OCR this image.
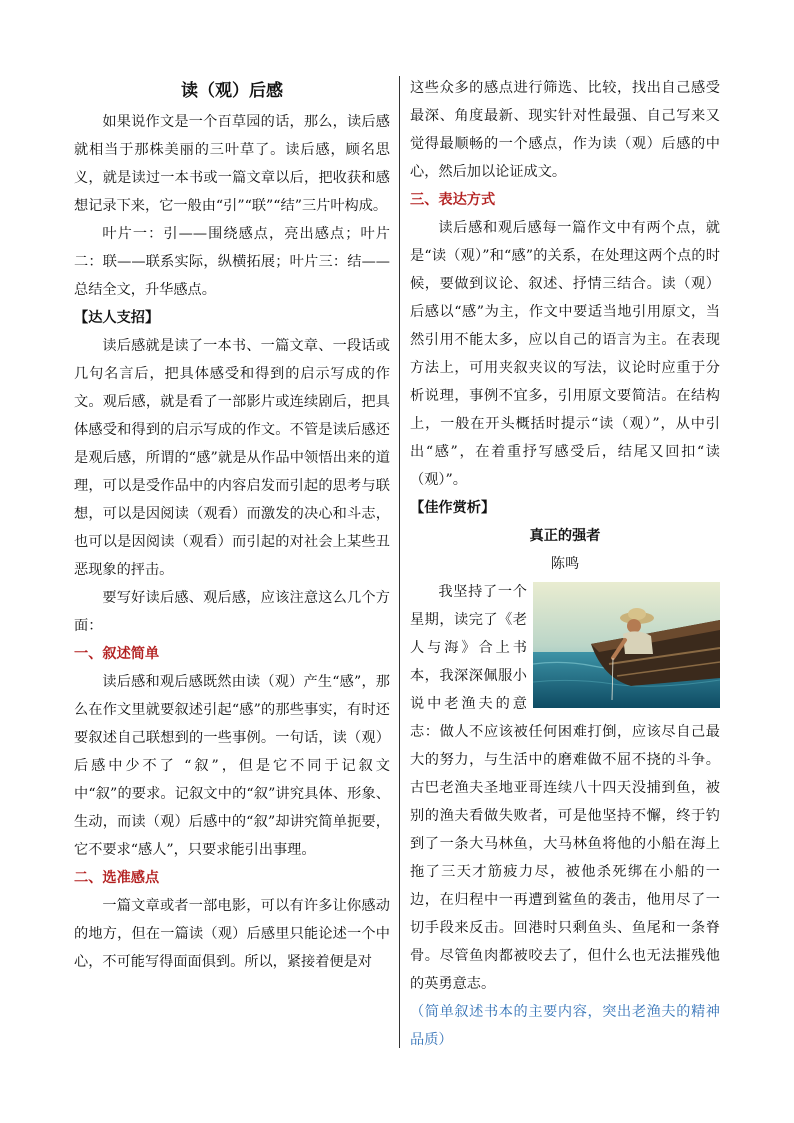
读（观）后感

如果说作文是一个百草园的话，那么，读后感就相当于那株美丽的三叶草了。读后感，顾名思义，就是读过一本书或一篇文章以后，把收获和感想记录下来，它一般由“引”“联”“结”三片叶构成。

叶片一：引——围绕感点，亮出感点；叶片二：联——联系实际，纵横拓展；叶片三：结——总结全文，升华感点。

【达人支招】

读后感就是读了一本书、一篇文章、一段话或几句名言后，把具体感受和得到的启示写成的作文。观后感，就是看了一部影片或连续剧后，把具体感受和得到的启示写成的作文。不管是读后感还是观后感，所谓的“感”就是从作品中领悟出来的道理，可以是受作品中的内容启发而引起的思考与联想，可以是因阅读（观看）而激发的决心和斗志，也可以是因阅读（观看）而引起的对社会上某些丑恶现象的抨击。

要写好读后感、观后感，应该注意这么几个方面：

一、叙述简单

读后感和观后感既然由读（观）产生“感”，那么在作文里就要叙述引起“感”的那些事实，有时还要叙述自己联想到的一些事例。一句话，读（观）后感中少不了 “叙”，但是它不同于记叙文中“叙”的要求。记叙文中的“叙”讲究具体、形象、生动，而读（观）后感中的“叙”却讲究简单扼要，它不要求“感人”，只要求能引出事理。

二、选准感点

一篇文章或者一部电影，可以有许多让你感动的地方，但在一篇读（观）后感里只能论述一个中心，不可能写得面面俱到。所以，紧接着便是对

这些众多的感点进行筛选、比较，找出自己感受最深、角度最新、现实针对性最强、自己写来又觉得最顺畅的一个感点，作为读（观）后感的中心，然后加以论证成文。

三、表达方式

读后感和观后感每一篇作文中有两个点，就是“读（观）”和“感”的关系，在处理这两个点的时候，要做到议论、叙述、抒情三结合。读（观）后感以“感”为主，作文中要适当地引用原文，当然引用不能太多，应以自己的语言为主。在表现方法上，可用夹叙夹议的写法，议论时应重于分析说理，事例不宜多，引用原文要简洁。在结构上，一般在开头概括时提示“读（观）”，从中引出“感”，在着重抒写感受后，结尾又回扣“读（观）”。

【佳作赏析】

真正的强者

陈鸣

我坚持了一个星期，读完了《老人与海》合上书本，我深深佩服小说中老渔夫的意志：做人不应该被任何困难打倒，应该尽自己最大的努力，与生活中的磨难做不屈不挠的斗争。古巴老渔夫圣地亚哥连续八十四天没捕到鱼，被别的渔夫看做失败者，可是他坚持不懈，终于钓到了一条大马林鱼，大马林鱼将他的小船在海上拖了三天才筋疲力尽，被他杀死绑在小船的一边，在归程中一再遭到鲨鱼的袭击，他用尽了一切手段来反击。回港时只剩鱼头、鱼尾和一条脊骨。尽管鱼肉都被咬去了，但什么也无法摧残他的英勇意志。

（简单叙述书本的主要内容，突出老渔夫的精神品质）
